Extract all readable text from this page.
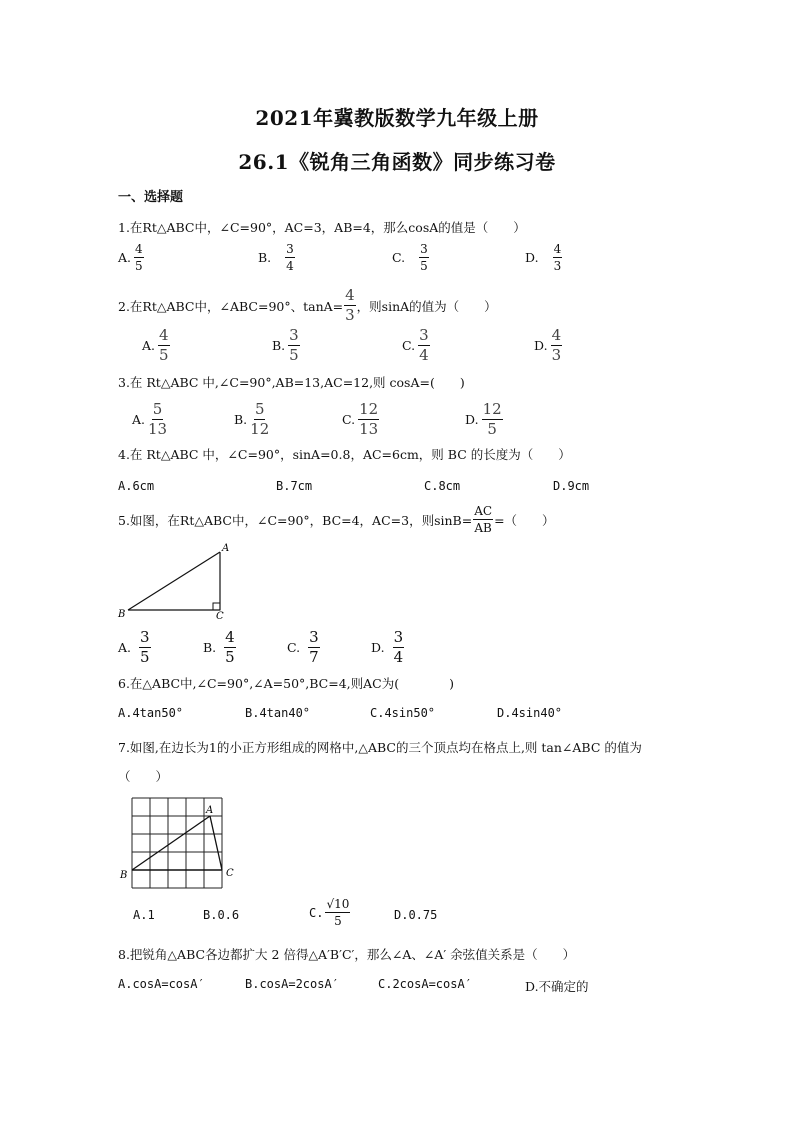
2021年冀教版数学九年级上册
26.1《锐角三角函数》同步练习卷
一、选择题
1.在Rt△ABC中，∠C=90°，AC=3，AB=4，那么cosA的值是（　　）
A. $\frac{4}{5}$	B. $\frac{3}{4}$	C. $\frac{3}{5}$	D. $\frac{4}{3}$
2.在Rt△ABC中，∠ABC=90°、$\tan A= \frac{4}{3}$ ，则sinA的值为（　　）
A. $\frac{4}{5}$	B. $\frac{3}{5}$	C. $\frac{3}{4}$	D. $\frac{4}{3}$
3.在 Rt△ABC 中,∠C=90°,AB=13,AC=12,则 cosA=(　　)
A. $\frac{5}{13}$	B. $\frac{5}{12}$	C. $\frac{12}{13}$	D. $\frac{12}{5}$
4.在 Rt△ABC 中，∠C=90°，sinA=0.8，AC=6cm，则 BC 的长度为（　　）
A.6cm	B.7cm	C.8cm	D.9cm
5.如图，在Rt△ABC中，∠C=90°，BC=4，AC=3，则$\sin B= \frac{AC}{AB}$ =（　　）
A
B	C
A. $\frac{3}{5}$	B. $\frac{4}{5}$	C. $\frac{3}{7}$	D. $\frac{3}{4}$
6.在△ABC中,∠C=90°,∠A=50°,BC=4,则AC为(　　　　)
A.4tan50°	B.4tan40°	C.4sin50°	D.4sin40°
7.如图,在边长为1的小正方形组成的网格中,△ABC的三个顶点均在格点上,则 tan∠ABC 的值为
（　　）
A
B	C
A.1	B.0.6	C. $\frac{√10}{5}$	D.0.75
8.把锐角△ABC各边都扩大 2 倍得△A′B′C′，那么∠A、∠A′ 余弦值关系是（　　）
A.cosA=cosA′	B.cosA=2cosA′	C.2cosA=cosA′	D.不确定的
